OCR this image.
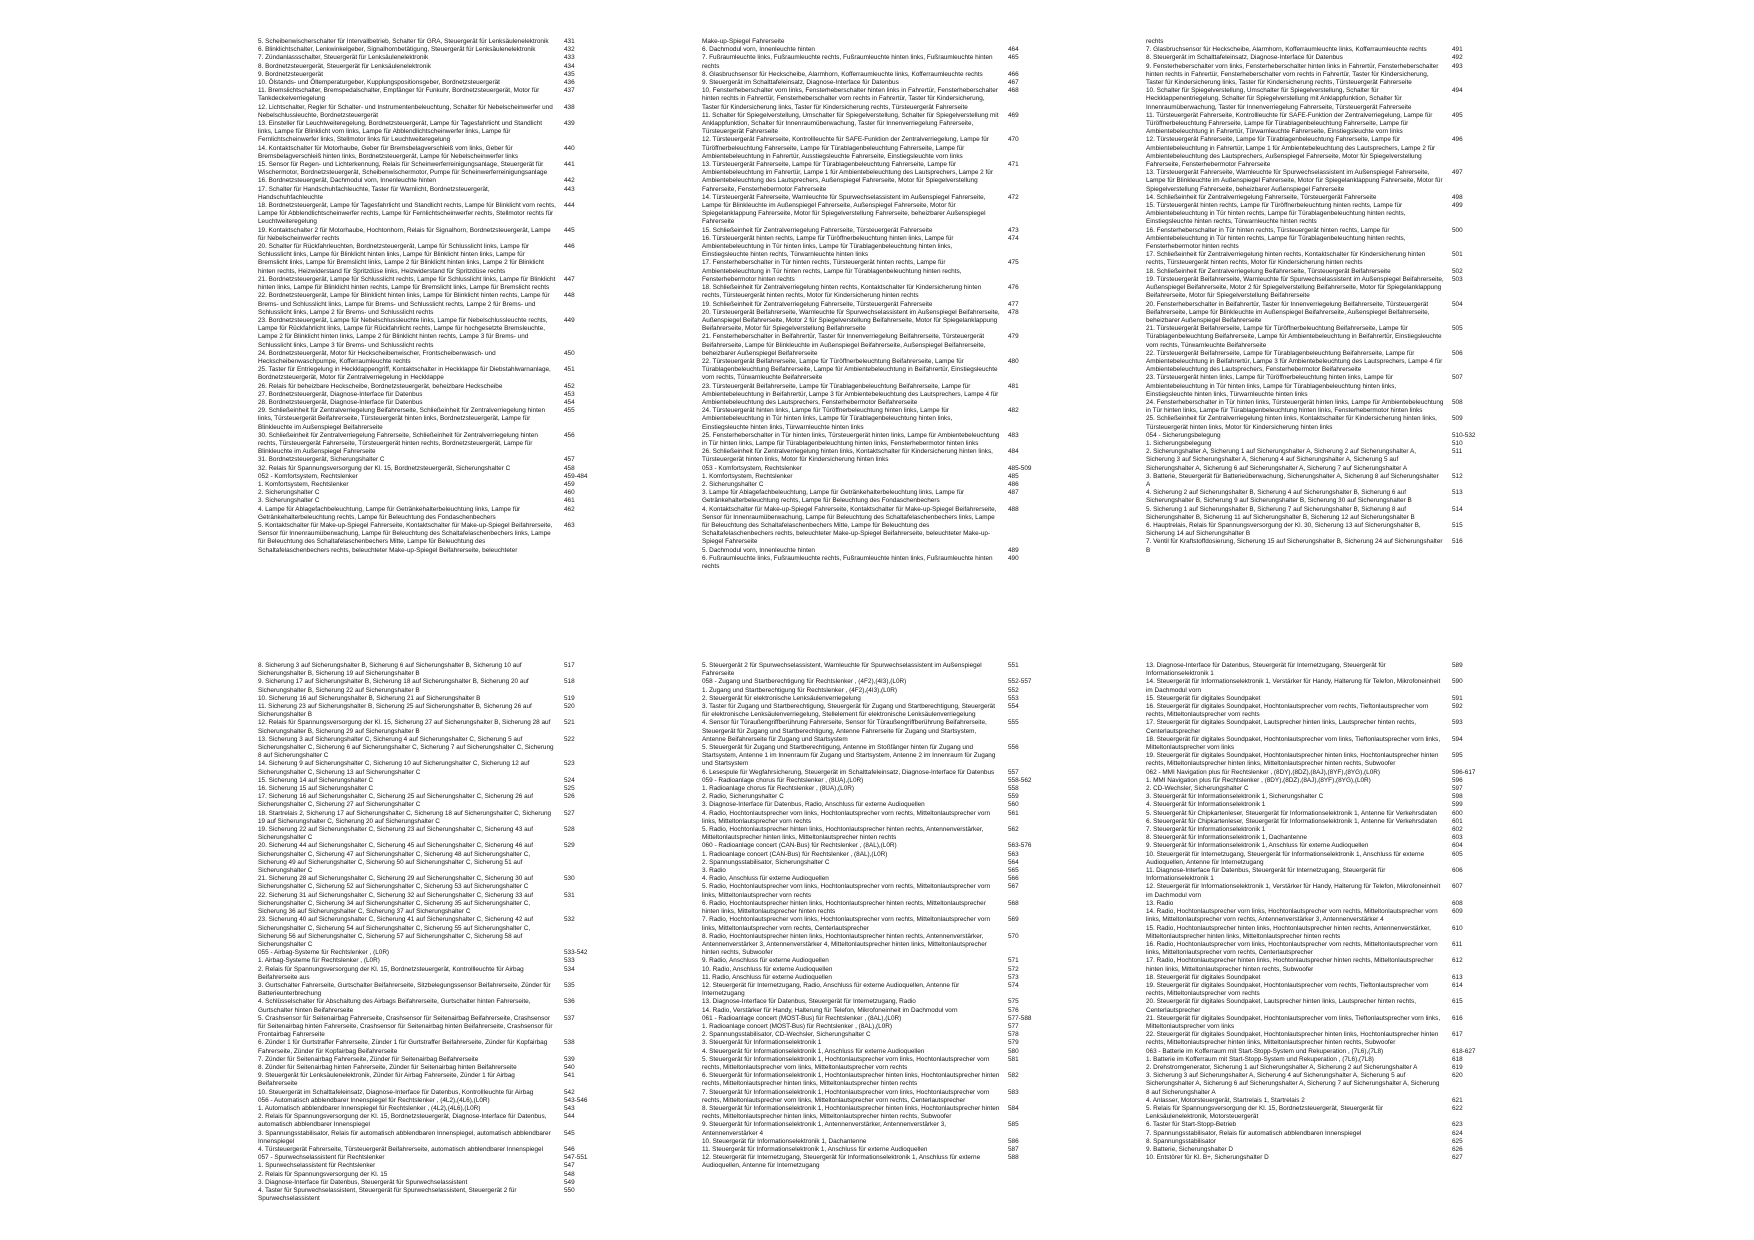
5. Scheibenwischerschalter für Intervallbetrieb, Schalter für GRA, Steuergerät für Lenksäulenelektronik	431
6. Blinklichtschalter, Lenkwinkelgeber, Signalhornbetätigung, Steuergerät für Lenksäulenelektronik	432
7. Zündanlassschalter, Steuergerät für Lenksäulenelektronik	433
8. Bordnetzsteuergerät, Steuergerät für Lenksäulenelektronik	434
9. Bordnetzsteuergerät	435
10. Ölstands- und Öltemperaturgeber, Kupplungspositionsgeber, Bordnetzsteuergerät	436
11. Bremslichtschalter, Bremspedalschalter, Empfänger für Funkuhr, Bordnetzsteuergerät, Motor für Tankdeckelverriegelung
437
12. Lichtschalter, Regler für Schalter- und Instrumentenbeleuchtung, Schalter für Nebelscheinwerfer und Nebelschlussleuchte, Bordnetzsteuergerät
438
13. Einsteller für Leuchtweiteregelung, Bordnetzsteuergerät, Lampe für Tagesfahrlicht und Standlicht links, Lampe für Blinklicht vorn links, Lampe für Abblendlichtscheinwerfer links, Lampe für Fernlichtscheinwerfer links, Stellmotor links für Leuchtweiteregelung
439
14. Kontaktschalter für Motorhaube, Geber für Bremsbelagverschleiß vorn links, Geber für Bremsbelagverschleiß hinten links, Bordnetzsteuergerät, Lampe für Nebelscheinwerfer links
440
15. Sensor für Regen- und Lichterkennung, Relais für Scheinwerferreinigungsanlage, Steuergerät für Wischermotor, Bordnetzsteuergerät, Scheibenwischermotor, Pumpe für Scheinwerferreinigungsanlage
441
16. Bordnetzsteuergerät, Dachmodul vorn, Innenleuchte hinten	442
17. Schalter für Handschuhfachleuchte, Taster für Warnlicht, Bordnetzsteuergerät, Handschuhfachleuchte
443
18. Bordnetzsteuergerät, Lampe für Tagesfahrlicht und Standlicht rechts, Lampe für Blinklicht vorn rechts, Lampe für Abblendlichtscheinwerfer rechts, Lampe für Fernlichtscheinwerfer rechts, Stellmotor rechts für Leuchtweiteregelung
444
19. Kontaktschalter 2 für Motorhaube, Hochtonhorn, Relais für Signalhorn, Bordnetzsteuergerät, Lampe für Nebelscheinwerfer rechts
445
20. Schalter für Rückfahrleuchten, Bordnetzsteuergerät, Lampe für Schlusslicht links, Lampe für Schlusslicht links, Lampe für Blinklicht hinten links, Lampe für Blinklicht hinten links, Lampe für Bremslicht links, Lampe für Bremslicht links, Lampe 2 für Blinklicht hinten links, Lampe 2 für Blinklicht hinten rechts, Heizwiderstand für Spritzdüse links, Heizwiderstand für Spritzdüse rechts
446
21. Bordnetzsteuergerät, Lampe für Schlusslicht rechts, Lampe für Schlusslicht links, Lampe für Blinklicht hinten links, Lampe für Blinklicht hinten rechts, Lampe für Bremslicht links, Lampe für Bremslicht rechts
447
22. Bordnetzsteuergerät, Lampe für Blinklicht hinten links, Lampe für Blinklicht hinten rechts, Lampe für Brems- und Schlusslicht links, Lampe für Brems- und Schlusslicht rechts, Lampe 2 für Brems- und Schlusslicht links, Lampe 2 für Brems- und Schlusslicht rechts
448
23. Bordnetzsteuergerät, Lampe für Nebelschlussleuchte links, Lampe für Nebelschlussleuchte rechts, Lampe für Rückfahrlicht links, Lampe für Rückfahrlicht rechts, Lampe für hochgesetzte Bremsleuchte, Lampe 2 für Blinklicht hinten links, Lampe 2 für Blinklicht hinten rechts, Lampe 3 für Brems- und Schlusslicht links, Lampe 3 für Brems- und Schlusslicht rechts
449
24. Bordnetzsteuergerät, Motor für Heckscheibenwischer, Frontscheibenwasch- und Heckscheibenwaschpumpe, Kofferraumleuchte rechts
450
25. Taster für Entriegelung in Heckklappengriff, Kontaktschalter in Heckklappe für Diebstahlwarnanlage, Bordnetzsteuergerät, Motor für Zentralverriegelung in Heckklappe
451
26. Relais für beheizbare Heckscheibe, Bordnetzsteuergerät, beheizbare Heckscheibe	452
27. Bordnetzsteuergerät, Diagnose-Interface für Datenbus	453
28. Bordnetzsteuergerät, Diagnose-Interface für Datenbus	454
29. Schließeinheit für Zentralverriegelung Beifahrerseite, Schließeinheit für Zentralverriegelung hinten links, Türsteuergerät Beifahrerseite, Türsteuergerät hinten links, Bordnetzsteuergerät, Lampe für Blinkleuchte im Außenspiegel Beifahrerseite
455
30. Schließeinheit für Zentralverriegelung Fahrerseite, Schließeinheit für Zentralverriegelung hinten rechts, Türsteuergerät Fahrerseite, Türsteuergerät hinten rechts, Bordnetzsteuergerät, Lampe für Blinkleuchte im Außenspiegel Fahrerseite
456
31. Bordnetzsteuergerät, Sicherungshalter C	457
32. Relais für Spannungsversorgung der Kl. 15, Bordnetzsteuergerät, Sicherungshalter C	458
052 - Komfortsystem, Rechtslenker	459-484
1. Komfortsystem, Rechtslenker	459
2. Sicherungshalter C	460
3. Sicherungshalter C	461
4. Lampe für Ablagefachbeleuchtung, Lampe für Getränkehalterbeleuchtung links, Lampe für Getränkehalterbeleuchtung rechts, Lampe für Beleuchtung des Fondaschenbechers
462
5. Kontaktschalter für Make-up-Spiegel Fahrerseite, Kontaktschalter für Make-up-Spiegel Beifahrerseite, Sensor für Innenraumüberwachung, Lampe für Beleuchtung des Schaltafelaschenbechers links, Lampe für Beleuchtung des Schaltafelaschenbechers Mitte, Lampe für Beleuchtung des Schaltafelaschenbechers rechts, beleuchteter Make-up-Spiegel Beifahrerseite, beleuchteter
463
Make-up-Spiegel Fahrerseite
6. Dachmodul vorn, Innenleuchte hinten	464
7. Fußraumleuchte links, Fußraumleuchte rechts, Fußraumleuchte hinten links, Fußraumleuchte hinten rechts
465
8. Glasbruchsensor für Heckscheibe, Alarmhorn, Kofferraumleuchte links, Kofferraumleuchte rechts	466
9. Steuergerät im Schalttafeleinsatz, Diagnose-Interface für Datenbus	467
10. Fensterheberschalter vorn links, Fensterheberschalter hinten links in Fahrertür, Fensterheberschalter hinten rechts in Fahrertür, Fensterheberschalter vorn rechts in Fahrertür, Taster für Kindersicherung, Taster für Kindersicherung links, Taster für Kindersicherung rechts, Türsteuergerät Fahrerseite
468
11. Schalter für Spiegelverstellung, Umschalter für Spiegelverstellung, Schalter für Spiegelverstellung mit Anklappfunktion, Schalter für Innenraumüberwachung, Taster für Innenverriegelung Fahrerseite, Türsteuergerät Fahrerseite
469
12. Türsteuergerät Fahrerseite, Kontrollleuchte für SAFE-Funktion der Zentralverriegelung, Lampe für Türöffnerbeleuchtung Fahrerseite, Lampe für Türablagenbeleuchtung Fahrerseite, Lampe für Ambientebeleuchtung in Fahrertür, Ausstiegsleuchte Fahrerseite, Einstiegsleuchte vorn links
470
13. Türsteuergerät Fahrerseite, Lampe für Türablagenbeleuchtung Fahrerseite, Lampe für Ambientebeleuchtung im Fahrertür, Lampe 1 für Ambientebeleuchtung des Lautsprechers, Lampe 2 für Ambientebeleuchtung des Lautsprechers, Außenspiegel Fahrerseite, Motor für Spiegelverstellung Fahrerseite, Fensterhebermotor Fahrerseite
471
14. Türsteuergerät Fahrerseite, Warnleuchte für Spurwechselassistent im Außenspiegel Fahrerseite, Lampe für Blinkleuchte im Außenspiegel Fahrerseite, Außenspiegel Fahrerseite, Motor für Spiegelanklappung Fahrerseite, Motor für Spiegelverstellung Fahrerseite, beheizbarer Außenspiegel Fahrerseite
472
15. Schließeinheit für Zentralverriegelung Fahrerseite, Türsteuergerät Fahrerseite	473
16. Türsteuergerät hinten rechts, Lampe für Türöffnerbeleuchtung hinten links, Lampe für Ambientebeleuchtung in Tür hinten links, Lampe für Türablagenbeleuchtung hinten links, Einstiegsleuchte hinten rechts, Türwarnleuchte hinten links
474
17. Fensterheberschalter in Tür hinten rechts, Türsteuergerät hinten rechts, Lampe für Ambientebeleuchtung in Tür hinten rechts, Lampe für Türablagenbeleuchtung hinten rechts, Fensterhebermotor hinten rechts
475
18. Schließeinheit für Zentralverriegelung hinten rechts, Kontaktschalter für Kindersicherung hinten rechts, Türsteuergerät hinten rechts, Motor für Kindersicherung hinten rechts
476
19. Schließeinheit für Zentralverriegelung Fahrerseite, Türsteuergerät Fahrerseite	477
20. Türsteuergerät Beifahrerseite, Warnleuchte für Spurwechselassistent im Außenspiegel Beifahrerseite, Außenspiegel Beifahrerseite, Motor 2 für Spiegelverstellung Beifahrerseite, Motor für Spiegelanklappung Beifahrerseite, Motor für Spiegelverstellung Beifahrerseite
478
21. Fensterheberschalter in Beifahrertür, Taster für Innenverriegelung Beifahrerseite, Türsteuergerät Beifahrerseite, Lampe für Blinkleuchte im Außenspiegel Beifahrerseite, Außenspiegel Beifahrerseite, beheizbarer Außenspiegel Beifahrerseite
479
22. Türsteuergerät Beifahrerseite, Lampe für Türöffnerbeleuchtung Beifahrerseite, Lampe für Türablagenbeleuchtung Beifahrerseite, Lampe für Ambientebeleuchtung in Beifahrertür, Einstiegsleuchte vorn rechts, Türwarnleuchte Beifahrerseite
480
23. Türsteuergerät Beifahrerseite, Lampe für Türablagenbeleuchtung Beifahrerseite, Lampe für Ambientebeleuchtung in Beifahrertür, Lampe 3 für Ambientebeleuchtung des Lautsprechers, Lampe 4 für Ambientebeleuchtung des Lautsprechers, Fensterhebermotor Beifahrerseite
481
24. Türsteuergerät hinten links, Lampe für Türöffnerbeleuchtung hinten links, Lampe für Ambientebeleuchtung in Tür hinten links, Lampe für Türablagenbeleuchtung hinten links, Einstiegsleuchte hinten links, Türwarnleuchte hinten links
482
25. Fensterheberschalter in Tür hinten links, Türsteuergerät hinten links, Lampe für Ambientebeleuchtung in Tür hinten links, Lampe für Türablagenbeleuchtung hinten links, Fensterhebermotor hinten links
483
26. Schließeinheit für Zentralverriegelung hinten links, Kontaktschalter für Kindersicherung hinten links, Türsteuergerät hinten links, Motor für Kindersicherung hinten links
484
053 - Komfortsystem, Rechtslenker	485-509
1. Komfortsystem, Rechtslenker	485
2. Sicherungshalter C	486
3. Lampe für Ablagefachbeleuchtung, Lampe für Getränkehalterbeleuchtung links, Lampe für Getränkehalterbeleuchtung rechts, Lampe für Beleuchtung des Fondaschenbechers
487
4. Kontaktschalter für Make-up-Spiegel Fahrerseite, Kontaktschalter für Make-up-Spiegel Beifahrerseite, Sensor für Innenraumüberwachung, Lampe für Beleuchtung des Schaltafelaschenbechers links, Lampe für Beleuchtung des Schaltafelaschenbechers Mitte, Lampe für Beleuchtung des Schaltafelaschenbechers rechts, beleuchteter Make-up-Spiegel Beifahrerseite, beleuchteter Make-up-Spiegel Fahrerseite
488
5. Dachmodul vorn, Innenleuchte hinten	489
6. Fußraumleuchte links, Fußraumleuchte rechts, Fußraumleuchte hinten links, Fußraumleuchte hinten rechts
490
rechts
7. Glasbruchsensor für Heckscheibe, Alarmhorn, Kofferraumleuchte links, Kofferraumleuchte rechts	491
8. Steuergerät im Schalttafeleinsatz, Diagnose-Interface für Datenbus	492
9. Fensterheberschalter vorn links, Fensterheberschalter hinten links in Fahrertür, Fensterheberschalter hinten rechts in Fahrertür, Fensterheberschalter vorn rechts in Fahrertür, Taster für Kindersicherung, Taster für Kindersicherung links, Taster für Kindersicherung rechts, Türsteuergerät Fahrerseite
493
10. Schalter für Spiegelverstellung, Umschalter für Spiegelverstellung, Schalter für Heckklappenentriegelung, Schalter für Spiegelverstellung mit Anklappfunktion, Schalter für Innenraumüberwachung, Taster für Innenverriegelung Fahrerseite, Türsteuergerät Fahrerseite
494
11. Türsteuergerät Fahrerseite, Kontrollleuchte für SAFE-Funktion der Zentralverriegelung, Lampe für Türöffnerbeleuchtung Fahrerseite, Lampe für Türablagenbeleuchtung Fahrerseite, Lampe für Ambientebeleuchtung in Fahrertür, Türwarnleuchte Fahrerseite, Einstiegsleuchte vorn links
495
12. Türsteuergerät Fahrerseite, Lampe für Türablagenbeleuchtung Fahrerseite, Lampe für Ambientebeleuchtung in Fahrertür, Lampe 1 für Ambientebeleuchtung des Lautsprechers, Lampe 2 für Ambientebeleuchtung des Lautsprechers, Außenspiegel Fahrerseite, Motor für Spiegelverstellung Fahrerseite, Fensterhebermotor Fahrerseite
496
13. Türsteuergerät Fahrerseite, Warnleuchte für Spurwechselassistent im Außenspiegel Fahrerseite, Lampe für Blinkleuchte im Außenspiegel Fahrerseite, Motor für Spiegelanklappung Fahrerseite, Motor für Spiegelverstellung Fahrerseite, beheizbarer Außenspiegel Fahrerseite
497
14. Schließeinheit für Zentralverriegelung Fahrerseite, Türsteuergerät Fahrerseite	498
15. Türsteuergerät hinten rechts, Lampe für Türöffnerbeleuchtung hinten rechts, Lampe für Ambientebeleuchtung in Tür hinten rechts, Lampe für Türablagenbeleuchtung hinten rechts, Einstiegsleuchte hinten rechts, Türwarnleuchte hinten rechts
499
16. Fensterheberschalter in Tür hinten rechts, Türsteuergerät hinten rechts, Lampe für Ambientebeleuchtung in Tür hinten rechts, Lampe für Türablagenbeleuchtung hinten rechts, Fensterhebermotor hinten rechts
500
17. Schließeinheit für Zentralverriegelung hinten rechts, Kontaktschalter für Kindersicherung hinten rechts, Türsteuergerät hinten rechts, Motor für Kindersicherung hinten rechts
501
18. Schließeinheit für Zentralverriegelung Beifahrerseite, Türsteuergerät Beifahrerseite	502
19. Türsteuergerät Beifahrerseite, Warnleuchte für Spurwechselassistent im Außenspiegel Beifahrerseite, Außenspiegel Beifahrerseite, Motor 2 für Spiegelverstellung Beifahrerseite, Motor für Spiegelanklappung Beifahrerseite, Motor für Spiegelverstellung Beifahrerseite
503
20. Fensterheberschalter in Beifahrertür, Taster für Innenverriegelung Beifahrerseite, Türsteuergerät Beifahrerseite, Lampe für Blinkleuchte im Außenspiegel Beifahrerseite, Außenspiegel Beifahrerseite, beheizbarer Außenspiegel Beifahrerseite
504
21. Türsteuergerät Beifahrerseite, Lampe für Türöffnerbeleuchtung Beifahrerseite, Lampe für Türablagenbeleuchtung Beifahrerseite, Lampe für Ambientebeleuchtung in Beifahrertür, Einstiegsleuchte vorn rechts, Türwarnleuchte Beifahrerseite
505
22. Türsteuergerät Beifahrerseite, Lampe für Türablagenbeleuchtung Beifahrerseite, Lampe für Ambientebeleuchtung in Beifahrertür, Lampe 3 für Ambientebeleuchtung des Lautsprechers, Lampe 4 für Ambientebeleuchtung des Lautsprechers, Fensterhebermotor Beifahrerseite
506
23. Türsteuergerät hinten links, Lampe für Türöffnerbeleuchtung hinten links, Lampe für Ambientebeleuchtung in Tür hinten links, Lampe für Türablagenbeleuchtung hinten links, Einstiegsleuchte hinten links, Türwarnleuchte hinten links
507
24. Fensterheberschalter in Tür hinten links, Türsteuergerät hinten links, Lampe für Ambientebeleuchtung in Tür hinten links, Lampe für Türablagenbeleuchtung hinten links, Fensterhebermotor hinten links
508
25. Schließeinheit für Zentralverriegelung hinten links, Kontaktschalter für Kindersicherung hinten links, Türsteuergerät hinten links, Motor für Kindersicherung hinten links
509
054 - Sicherungsbelegung	510-532
1. Sicherungsbelegung	510
2. Sicherungshalter A, Sicherung 1 auf Sicherungshalter A, Sicherung 2 auf Sicherungshalter A, Sicherung 3 auf Sicherungshalter A, Sicherung 4 auf Sicherungshalter A, Sicherung 5 auf Sicherungshalter A, Sicherung 6 auf Sicherungshalter A, Sicherung 7 auf Sicherungshalter A
511
3. Batterie, Steuergerät für Batterieüberwachung, Sicherungshalter A, Sicherung 8 auf Sicherungshalter A
512
4. Sicherung 2 auf Sicherungshalter B, Sicherung 4 auf Sicherungshalter B, Sicherung 6 auf Sicherungshalter B, Sicherung 9 auf Sicherungshalter B, Sicherung 30 auf Sicherungshalter B
513
5. Sicherung 1 auf Sicherungshalter B, Sicherung 7 auf Sicherungshalter B, Sicherung 8 auf Sicherungshalter B, Sicherung 11 auf Sicherungshalter B, Sicherung 12 auf Sicherungshalter B
514
6. Hauptrelais, Relais für Spannungsversorgung der Kl. 30, Sicherung 13 auf Sicherungshalter B, Sicherung 14 auf Sicherungshalter B
515
7. Ventil für Kraftstoffdosierung, Sicherung 15 auf Sicherungshalter B, Sicherung 24 auf Sicherungshalter B
516
8. Sicherung 3 auf Sicherungshalter B, Sicherung 6 auf Sicherungshalter B, Sicherung 10 auf Sicherungshalter B, Sicherung 19 auf Sicherungshalter B
517
9. Sicherung 17 auf Sicherungshalter B, Sicherung 18 auf Sicherungshalter B, Sicherung 20 auf Sicherungshalter B, Sicherung 22 auf Sicherungshalter B
518
10. Sicherung 16 auf Sicherungshalter B, Sicherung 21 auf Sicherungshalter B	519
11. Sicherung 23 auf Sicherungshalter B, Sicherung 25 auf Sicherungshalter B, Sicherung 26 auf Sicherungshalter B
520
12. Relais für Spannungsversorgung der Kl. 15, Sicherung 27 auf Sicherungshalter B, Sicherung 28 auf Sicherungshalter B, Sicherung 29 auf Sicherungshalter B
521
13. Sicherung 3 auf Sicherungshalter C, Sicherung 4 auf Sicherungshalter C, Sicherung 5 auf Sicherungshalter C, Sicherung 6 auf Sicherungshalter C, Sicherung 7 auf Sicherungshalter C, Sicherung 8 auf Sicherungshalter C
522
14. Sicherung 9 auf Sicherungshalter C, Sicherung 10 auf Sicherungshalter C, Sicherung 12 auf Sicherungshalter C, Sicherung 13 auf Sicherungshalter C
523
15. Sicherung 14 auf Sicherungshalter C	524
16. Sicherung 15 auf Sicherungshalter C	525
17. Sicherung 16 auf Sicherungshalter C, Sicherung 25 auf Sicherungshalter C, Sicherung 26 auf Sicherungshalter C, Sicherung 27 auf Sicherungshalter C
526
18. Startrelais 2, Sicherung 17 auf Sicherungshalter C, Sicherung 18 auf Sicherungshalter C, Sicherung 19 auf Sicherungshalter C, Sicherung 20 auf Sicherungshalter C
527
19. Sicherung 22 auf Sicherungshalter C, Sicherung 23 auf Sicherungshalter C, Sicherung 43 auf Sicherungshalter C
528
20. Sicherung 44 auf Sicherungshalter C, Sicherung 45 auf Sicherungshalter C, Sicherung 46 auf Sicherungshalter C, Sicherung 47 auf Sicherungshalter C, Sicherung 48 auf Sicherungshalter C, Sicherung 49 auf Sicherungshalter C, Sicherung 50 auf Sicherungshalter C, Sicherung 51 auf Sicherungshalter C
529
21. Sicherung 28 auf Sicherungshalter C, Sicherung 29 auf Sicherungshalter C, Sicherung 30 auf Sicherungshalter C, Sicherung 52 auf Sicherungshalter C, Sicherung 53 auf Sicherungshalter C
530
22. Sicherung 31 auf Sicherungshalter C, Sicherung 32 auf Sicherungshalter C, Sicherung 33 auf Sicherungshalter C, Sicherung 34 auf Sicherungshalter C, Sicherung 35 auf Sicherungshalter C, Sicherung 36 auf Sicherungshalter C, Sicherung 37 auf Sicherungshalter C
531
23. Sicherung 40 auf Sicherungshalter C, Sicherung 41 auf Sicherungshalter C, Sicherung 42 auf Sicherungshalter C, Sicherung 54 auf Sicherungshalter C, Sicherung 55 auf Sicherungshalter C, Sicherung 56 auf Sicherungshalter C, Sicherung 57 auf Sicherungshalter C, Sicherung 58 auf Sicherungshalter C
532
055 - Airbag-Systeme für Rechtslenker , (L0R)	533-542
1. Airbag-Systeme für Rechtslenker , (L0R)	533
2. Relais für Spannungsversorgung der Kl. 15, Bordnetzsteuergerät, Kontrollleuchte für Airbag Beifahrerseite aus
534
3. Gurtschalter Fahrerseite, Gurtschalter Beifahrerseite, Sitzbelegungssensor Beifahrerseite, Zünder für Batterieunterbrechung
535
4. Schlüsselschalter für Abschaltung des Airbags Beifahrerseite, Gurtschalter hinten Fahrerseite, Gurtschalter hinten Beifahrerseite
536
5. Crashsensor für Seitenairbag Fahrerseite, Crashsensor für Seitenairbag Beifahrerseite, Crashsensor für Seitenairbag hinten Fahrerseite, Crashsensor für Seitenairbag hinten Beifahrerseite, Crashsensor für Frontairbag Fahrerseite
537
6. Zünder 1 für Gurtstraffer Fahrerseite, Zünder 1 für Gurtstraffer Beifahrerseite, Zünder für Kopfairbag Fahrerseite, Zünder für Kopfairbag Beifahrerseite
538
7. Zünder für Seitenairbag Fahrerseite, Zünder für Seitenairbag Beifahrerseite	539
8. Zünder für Seitenairbag hinten Fahrerseite, Zünder für Seitenairbag hinten Beifahrerseite	540
9. Steuergerät für Lenksäulenelektronik, Zünder für Airbag Fahrerseite, Zünder 1 für Airbag Beifahrerseite
541
10. Steuergerät im Schalttafeleinsatz, Diagnose-Interface für Datenbus, Kontrollleuchte für Airbag	542
056 - Automatisch abblendbarer Innenspiegel für Rechtslenker , (4L2),(4L6),(L0R)	543-546
1. Automatisch abblendbarer Innenspiegel für Rechtslenker , (4L2),(4L6),(L0R)	543
2. Relais für Spannungsversorgung der Kl. 15, Bordnetzsteuergerät, Diagnose-Interface für Datenbus, automatisch abblendbarer Innenspiegel
544
3. Spannungsstabilisator, Relais für automatisch abblendbaren Innenspiegel, automatisch abblendbarer Innenspiegel
545
4. Türsteuergerät Fahrerseite, Türsteuergerät Beifahrerseite, automatisch abblendbarer Innenspiegel	546
057 - Spurwechselassistent für Rechtslenker	547-551
1. Spurwechselassistent für Rechtslenker	547
2. Relais für Spannungsversorgung der Kl. 15	548
3. Diagnose-Interface für Datenbus, Steuergerät für Spurwechselassistent	549
4. Taster für Spurwechselassistent, Steuergerät für Spurwechselassistent, Steuergerät 2 für Spurwechselassistent
550
5. Steuergerät 2 für Spurwechselassistent, Warnleuchte für Spurwechselassistent im Außenspiegel Fahrerseite
551
058 - Zugang und Startberechtigung für Rechtslenker , (4F2),(4I3),(L0R)	552-557
1. Zugang und Startberechtigung für Rechtslenker , (4F2),(4I3),(L0R)	552
2. Steuergerät für elektronische Lenksäulenverriegelung	553
3. Taster für Zugang und Startberechtigung, Steuergerät für Zugang und Startberechtigung, Steuergerät für elektronische Lenksäulenverriegelung, Stellelement für elektronische Lenksäulenverriegelung
554
4. Sensor für Türaußengriffberührung Fahrerseite, Sensor für Türaußengriffberührung Beifahrerseite, Steuergerät für Zugang und Startberechtigung, Antenne Fahrerseite für Zugang und Startsystem, Antenne Beifahrerseite für Zugang und Startsystem
555
5. Steuergerät für Zugang und Startberechtigung, Antenne im Stoßfänger hinten für Zugang und Startsystem, Antenne 1 im Innenraum für Zugang und Startsystem, Antenne 2 im Innenraum für Zugang und Startsystem
556
6. Lesespule für Wegfahrsicherung, Steuergerät im Schalttafeleinsatz, Diagnose-Interface für Datenbus	557
059 - Radioanlage chorus für Rechtslenker , (8UA),(L0R)	558-562
1. Radioanlage chorus für Rechtslenker , (8UA),(L0R)	558
2. Radio, Sicherungshalter C	559
3. Diagnose-Interface für Datenbus, Radio, Anschluss für externe Audioquellen	560
4. Radio, Hochtonlautsprecher vorn links, Hochtonlautsprecher vorn rechts, Mitteltonlautsprecher vorn links, Mitteltonlautsprecher vorn rechts
561
5. Radio, Hochtonlautsprecher hinten links, Hochtonlautsprecher hinten rechts, Antennenverstärker, Mitteltonlautsprecher hinten links, Mitteltonlautsprecher hinten rechts
562
060 - Radioanlage concert (CAN-Bus) für Rechtslenker , (8AL),(L0R)	563-576
1. Radioanlage concert (CAN-Bus) für Rechtslenker , (8AL),(L0R)	563
2. Spannungsstabilisator, Sicherungshalter C	564
3. Radio	565
4. Radio, Anschluss für externe Audioquellen	566
5. Radio, Hochtonlautsprecher vorn links, Hochtonlautsprecher vorn rechts, Mitteltonlautsprecher vorn links, Mitteltonlautsprecher vorn rechts
567
6. Radio, Hochtonlautsprecher hinten links, Hochtonlautsprecher hinten rechts, Mitteltonlautsprecher hinten links, Mitteltonlautsprecher hinten rechts
568
7. Radio, Hochtonlautsprecher vorn links, Hochtonlautsprecher vorn rechts, Mitteltonlautsprecher vorn links, Mitteltonlautsprecher vorn rechts, Centerlautsprecher
569
8. Radio, Hochtonlautsprecher hinten links, Hochtonlautsprecher hinten rechts, Antennenverstärker, Antennenverstärker 3, Antennenverstärker 4, Mitteltonlautsprecher hinten links, Mitteltonlautsprecher hinten rechts, Subwoofer
570
9. Radio, Anschluss für externe Audioquellen	571
10. Radio, Anschluss für externe Audioquellen	572
11. Radio, Anschluss für externe Audioquellen	573
12. Steuergerät für Internetzugang, Radio, Anschluss für externe Audioquellen, Antenne für Internetzugang
574
13. Diagnose-Interface für Datenbus, Steuergerät für Internetzugang, Radio	575
14. Radio, Verstärker für Handy, Halterung für Telefon, Mikrofoneinheit im Dachmodul vorn	576
061 - Radioanlage concert (MOST-Bus) für Rechtslenker , (8AL),(L0R)	577-588
1. Radioanlage concert (MOST-Bus) für Rechtslenker , (8AL),(L0R)	577
2. Spannungsstabilisator, CD-Wechsler, Sicherungshalter C	578
3. Steuergerät für Informationselektronik 1	579
4. Steuergerät für Informationselektronik 1, Anschluss für externe Audioquellen	580
5. Steuergerät für Informationselektronik 1, Hochtonlautsprecher vorn links, Hochtonlautsprecher vorn rechts, Mitteltonlautsprecher vorn links, Mitteltonlautsprecher vorn rechts
581
6. Steuergerät für Informationselektronik 1, Hochtonlautsprecher hinten links, Hochtonlautsprecher hinten rechts, Mitteltonlautsprecher hinten links, Mitteltonlautsprecher hinten rechts
582
7. Steuergerät für Informationselektronik 1, Hochtonlautsprecher vorn links, Hochtonlautsprecher vorn rechts, Mitteltonlautsprecher vorn links, Mitteltonlautsprecher vorn rechts, Centerlautsprecher
583
8. Steuergerät für Informationselektronik 1, Hochtonlautsprecher hinten links, Hochtonlautsprecher hinten rechts, Mitteltonlautsprecher hinten links, Mitteltonlautsprecher hinten rechts, Subwoofer
584
9. Steuergerät für Informationselektronik 1, Antennenverstärker, Antennenverstärker 3, Antennenverstärker 4
585
10. Steuergerät für Informationselektronik 1, Dachantenne	586
11. Steuergerät für Informationselektronik 1, Anschluss für externe Audioquellen	587
12. Steuergerät für Internetzugang, Steuergerät für Informationselektronik 1, Anschluss für externe Audioquellen, Antenne für Internetzugang
588
13. Diagnose-Interface für Datenbus, Steuergerät für Internetzugang, Steuergerät für Informationselektronik 1
589
14. Steuergerät für Informationselektronik 1, Verstärker für Handy, Halterung für Telefon, Mikrofoneinheit im Dachmodul vorn
590
15. Steuergerät für digitales Soundpaket	591
16. Steuergerät für digitales Soundpaket, Hochtonlautsprecher vorn rechts, Tieftonlautsprecher vorn rechts, Mitteltonlautsprecher vorn rechts
592
17. Steuergerät für digitales Soundpaket, Lautsprecher hinten links, Lautsprecher hinten rechts, Centerlautsprecher
593
18. Steuergerät für digitales Soundpaket, Hochtonlautsprecher vorn links, Tieftonlautsprecher vorn links, Mitteltonlautsprecher vorn links
594
19. Steuergerät für digitales Soundpaket, Hochtonlautsprecher hinten links, Hochtonlautsprecher hinten rechts, Mitteltonlautsprecher hinten links, Mitteltonlautsprecher hinten rechts, Subwoofer
595
062 - MMI Navigation plus für Rechtslenker , (8DY),(8DZ),(8AJ),(8YF),(8YG),(L0R)	596-617
1. MMI Navigation plus für Rechtslenker , (8DY),(8DZ),(8AJ),(8YF),(8YG),(L0R)	596
2. CD-Wechsler, Sicherungshalter C	597
3. Steuergerät für Informationselektronik 1, Sicherungshalter C	598
4. Steuergerät für Informationselektronik 1	599
5. Steuergerät für Chipkartenleser, Steuergerät für Informationselektronik 1, Antenne für Verkehrsdaten	600
6. Steuergerät für Chipkartenleser, Steuergerät für Informationselektronik 1, Antenne für Verkehrsdaten	601
7. Steuergerät für Informationselektronik 1	602
8. Steuergerät für Informationselektronik 1, Dachantenne	603
9. Steuergerät für Informationselektronik 1, Anschluss für externe Audioquellen	604
10. Steuergerät für Internetzugang, Steuergerät für Informationselektronik 1, Anschluss für externe Audioquellen, Antenne für Internetzugang
605
11. Diagnose-Interface für Datenbus, Steuergerät für Internetzugang, Steuergerät für Informationselektronik 1
606
12. Steuergerät für Informationselektronik 1, Verstärker für Handy, Halterung für Telefon, Mikrofoneinheit im Dachmodul vorn
607
13. Radio	608
14. Radio, Hochtonlautsprecher vorn links, Hochtonlautsprecher vorn rechts, Mitteltonlautsprecher vorn links, Mitteltonlautsprecher vorn rechts, Antennenverstärker 3, Antennenverstärker 4
609
15. Radio, Hochtonlautsprecher hinten links, Hochtonlautsprecher hinten rechts, Antennenverstärker, Mitteltonlautsprecher hinten links, Mitteltonlautsprecher hinten rechts
610
16. Radio, Hochtonlautsprecher vorn links, Hochtonlautsprecher vorn rechts, Mitteltonlautsprecher vorn links, Mitteltonlautsprecher vorn rechts, Centerlautsprecher
611
17. Radio, Hochtonlautsprecher hinten links, Hochtonlautsprecher hinten rechts, Mitteltonlautsprecher hinten links, Mitteltonlautsprecher hinten rechts, Subwoofer
612
18. Steuergerät für digitales Soundpaket	613
19. Steuergerät für digitales Soundpaket, Hochtonlautsprecher vorn rechts, Tieftonlautsprecher vorn rechts, Mitteltonlautsprecher vorn rechts
614
20. Steuergerät für digitales Soundpaket, Lautsprecher hinten links, Lautsprecher hinten rechts, Centerlautsprecher
615
21. Steuergerät für digitales Soundpaket, Hochtonlautsprecher vorn links, Tieftonlautsprecher vorn links, Mitteltonlautsprecher vorn links
616
22. Steuergerät für digitales Soundpaket, Hochtonlautsprecher hinten links, Hochtonlautsprecher hinten rechts, Mitteltonlautsprecher hinten links, Mitteltonlautsprecher hinten rechts, Subwoofer
617
063 - Batterie im Kofferraum mit Start-Stopp-System und Rekuperation , (7L6),(7L8)	618-627
1. Batterie im Kofferraum mit Start-Stopp-System und Rekuperation , (7L6),(7L8)	618
2. Drehstromgenerator, Sicherung 1 auf Sicherungshalter A, Sicherung 2 auf Sicherungshalter A	619
3. Sicherung 3 auf Sicherungshalter A, Sicherung 4 auf Sicherungshalter A, Sicherung 5 auf Sicherungshalter A, Sicherung 6 auf Sicherungshalter A, Sicherung 7 auf Sicherungshalter A, Sicherung 8 auf Sicherungshalter A
620
4. Anlasser, Motorsteuergerät, Startrelais 1, Startrelais 2	621
5. Relais für Spannungsversorgung der Kl. 15, Bordnetzsteuergerät, Steuergerät für Lenksäulenelektronik, Motorsteuergerät
622
6. Taster für Start-Stopp-Betrieb	623
7. Spannungsstabilisator, Relais für automatisch abblendbaren Innenspiegel	624
8. Spannungsstabilisator	625
9. Batterie, Sicherungshalter D	626
10. Entstörer für Kl. B+, Sicherungshalter D	627
